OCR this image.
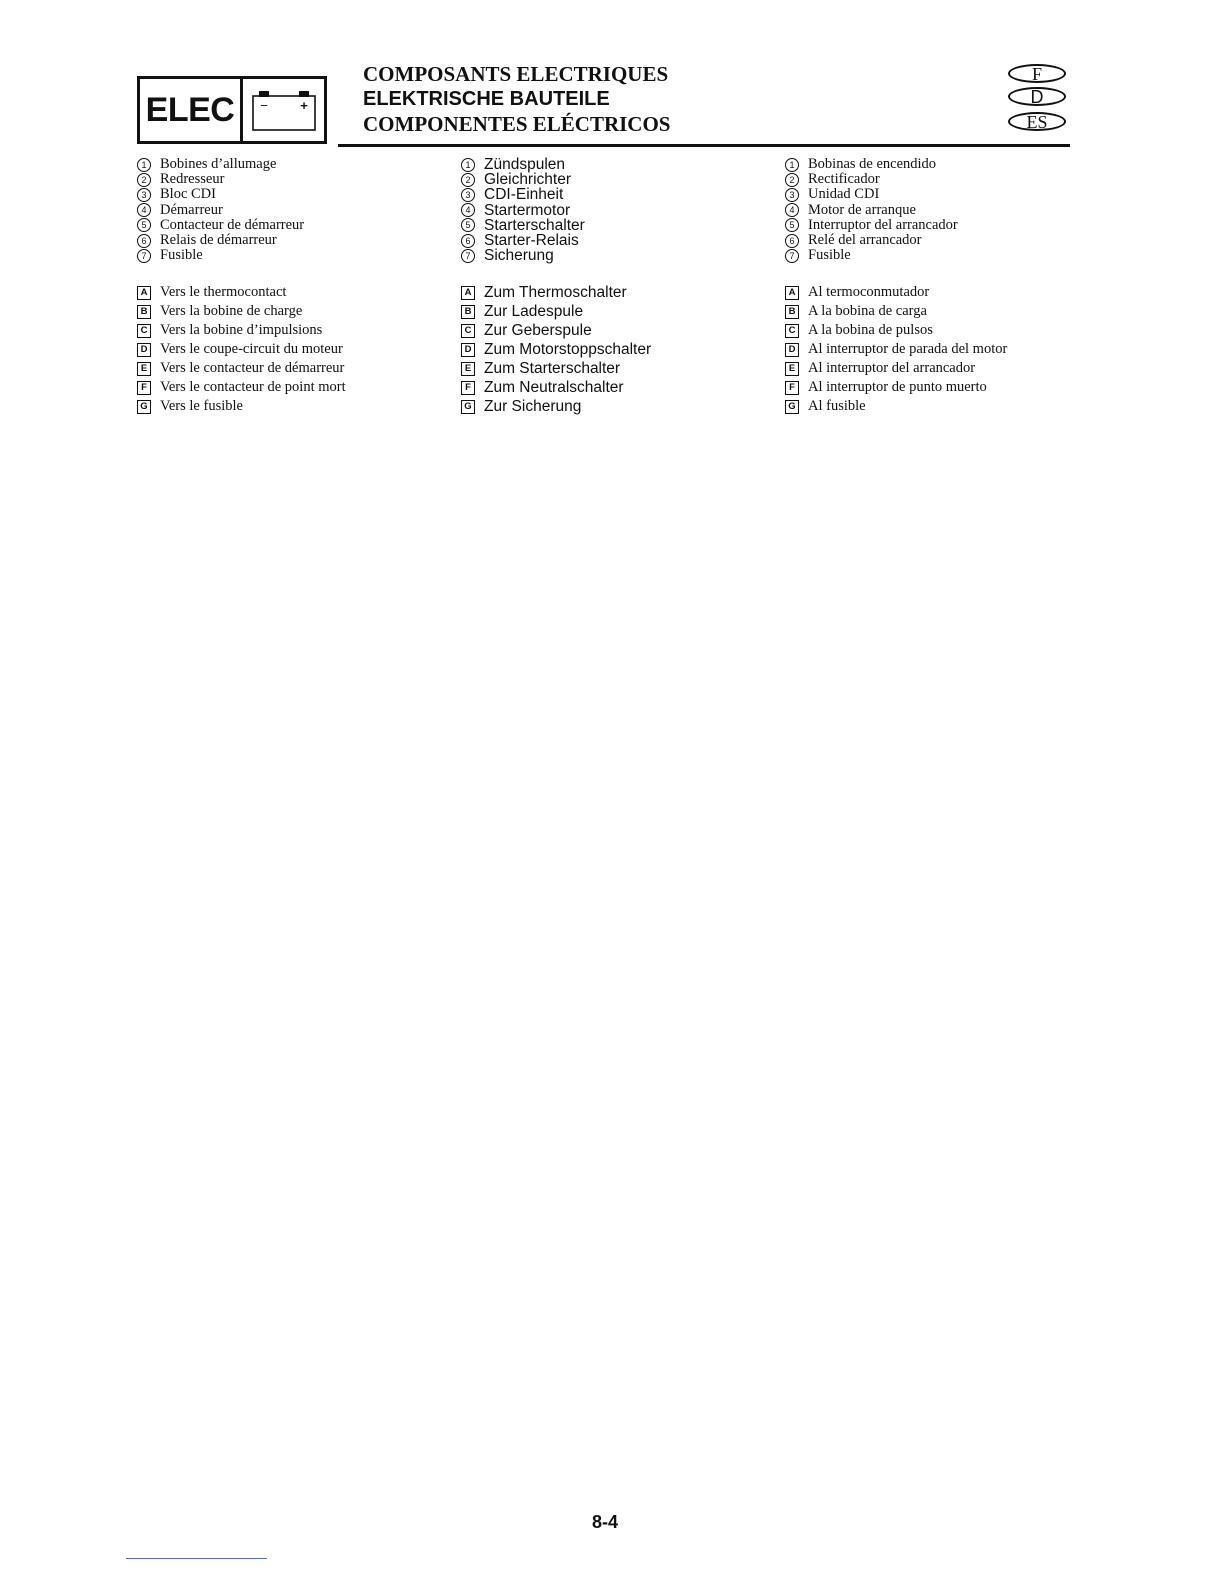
ELEC	− +
COMPOSANTS ELECTRIQUES
ELEKTRISCHE BAUTEILE
COMPONENTES ELÉCTRICOS
F
D
ES
1 Bobines d’allumage
2 Redresseur
3 Bloc CDI
4 Démarreur
5 Contacteur de démarreur
6 Relais de démarreur
7 Fusible
A Vers le thermocontact
B Vers la bobine de charge
C Vers la bobine d’impulsions
D Vers le coupe-circuit du moteur
E Vers le contacteur de démarreur
F Vers le contacteur de point mort
G Vers le fusible
1 Zündspulen
2 Gleichrichter
3 CDI-Einheit
4 Startermotor
5 Starterschalter
6 Starter-Relais
7 Sicherung
A Zum Thermoschalter
B Zur Ladespule
C Zur Geberspule
D Zum Motorstoppschalter
E Zum Starterschalter
F Zum Neutralschalter
G Zur Sicherung
1 Bobinas de encendido
2 Rectificador
3 Unidad CDI
4 Motor de arranque
5 Interruptor del arrancador
6 Relé del arrancador
7 Fusible
A Al termoconmutador
B A la bobina de carga
C A la bobina de pulsos
D Al interruptor de parada del motor
E Al interruptor del arrancador
F Al interruptor de punto muerto
G Al fusible
8-4
